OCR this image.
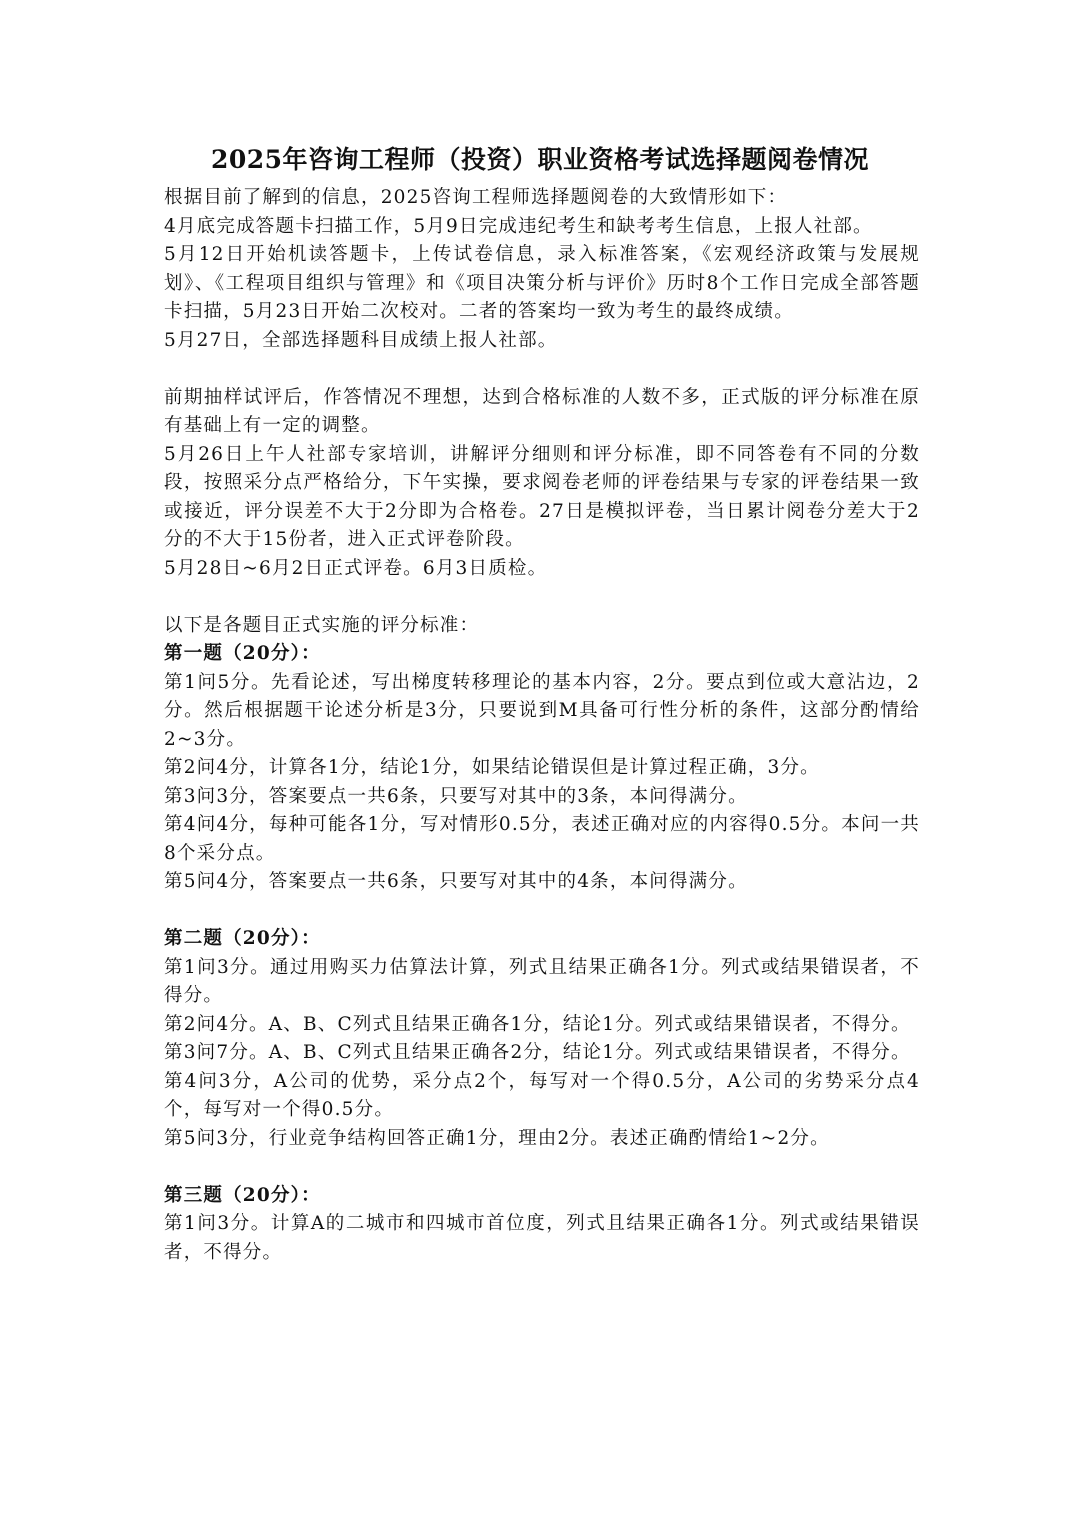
2025年咨询工程师（投资）职业资格考试选择题阅卷情况

根据目前了解到的信息，2025咨询工程师选择题阅卷的大致情形如下：

4月底完成答题卡扫描工作，5月9日完成违纪考生和缺考考生信息，上报人社部。

5月12日开始机读答题卡，上传试卷信息，录入标准答案，《宏观经济政策与发展规划》、《工程项目组织与管理》和《项目决策分析与评价》历时8个工作日完成全部答题卡扫描，5月23日开始二次校对。二者的答案均一致为考生的最终成绩。

5月27日，全部选择题科目成绩上报人社部。

前期抽样试评后，作答情况不理想，达到合格标准的人数不多，正式版的评分标准在原有基础上有一定的调整。

5月26日上午人社部专家培训，讲解评分细则和评分标准，即不同答卷有不同的分数段，按照采分点严格给分，下午实操，要求阅卷老师的评卷结果与专家的评卷结果一致或接近，评分误差不大于2分即为合格卷。27日是模拟评卷，当日累计阅卷分差大于2分的不大于15份者，进入正式评卷阶段。

5月28日~6月2日正式评卷。6月3日质检。

以下是各题目正式实施的评分标准：

第一题（20分）：

第1问5分。先看论述，写出梯度转移理论的基本内容，2分。要点到位或大意沾边，2分。然后根据题干论述分析是3分，只要说到M具备可行性分析的条件，这部分酌情给2~3分。

第2问4分，计算各1分，结论1分，如果结论错误但是计算过程正确，3分。

第3问3分，答案要点一共6条，只要写对其中的3条，本问得满分。

第4问4分，每种可能各1分，写对情形0.5分，表述正确对应的内容得0.5分。本问一共8个采分点。

第5问4分，答案要点一共6条，只要写对其中的4条，本问得满分。

第二题（20分）：

第1问3分。通过用购买力估算法计算，列式且结果正确各1分。列式或结果错误者，不得分。

第2问4分。A、B、C列式且结果正确各1分，结论1分。列式或结果错误者，不得分。

第3问7分。A、B、C列式且结果正确各2分，结论1分。列式或结果错误者，不得分。

第4问3分，A公司的优势，采分点2个，每写对一个得0.5分，A公司的劣势采分点4个，每写对一个得0.5分。

第5问3分，行业竞争结构回答正确1分，理由2分。表述正确酌情给1~2分。

第三题（20分）：

第1问3分。计算A的二城市和四城市首位度，列式且结果正确各1分。列式或结果错误者，不得分。
